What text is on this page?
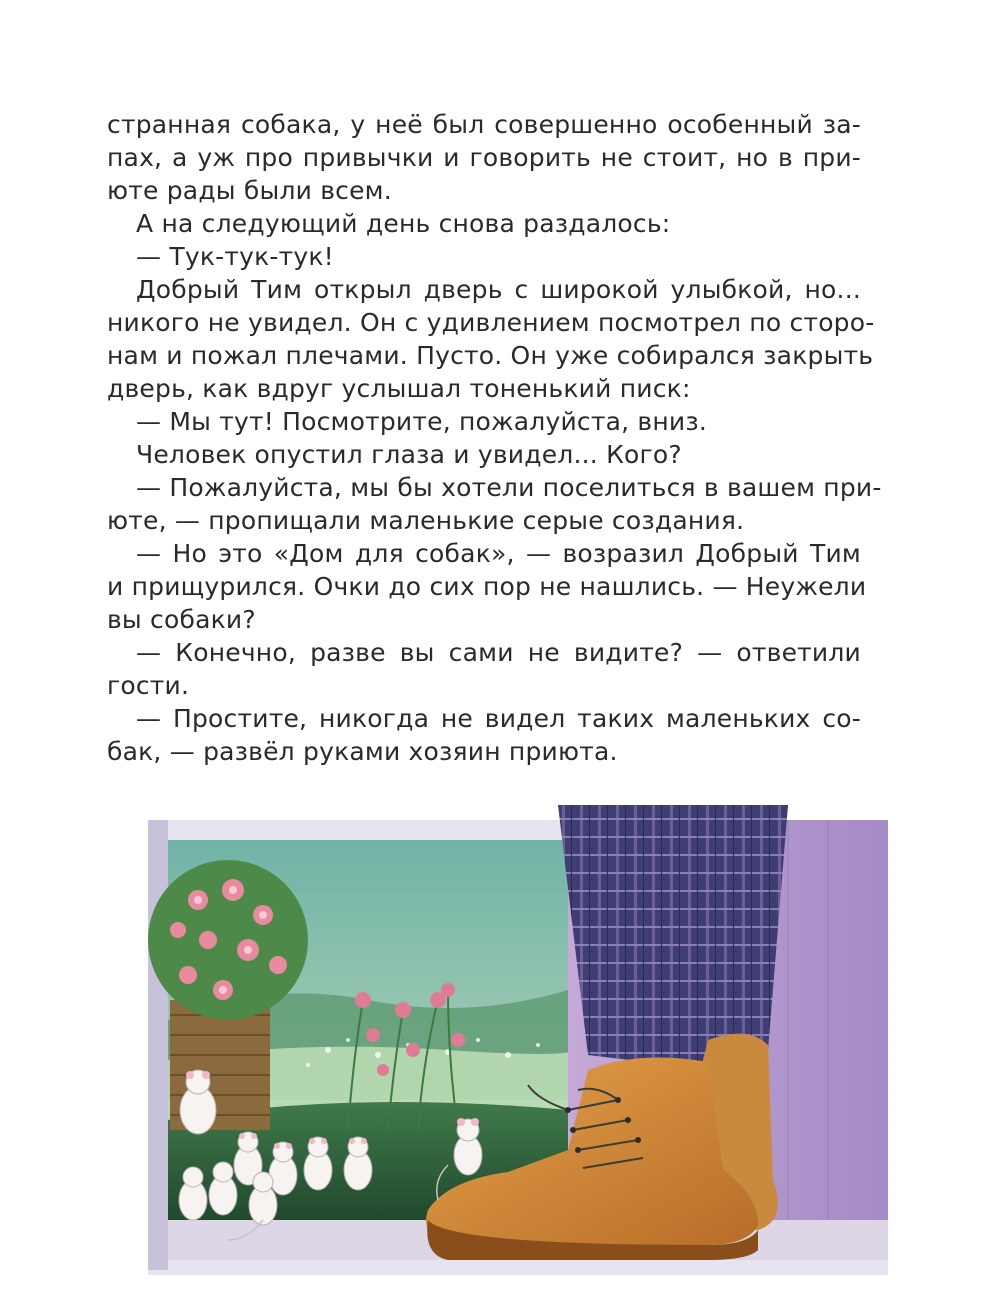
странная собака, у неё был совершенно особенный за-
пах, а уж про привычки и говорить не стоит, но в при-
юте рады были всем.
А на следующий день снова раздалось:
— Тук-тук-тук!
Добрый Тим открыл дверь с широкой улыбкой, но...
никого не увидел. Он с удивлением посмотрел по сторо-
нам и пожал плечами. Пусто. Он уже собирался закрыть
дверь, как вдруг услышал тоненький писк:
— Мы тут! Посмотрите, пожалуйста, вниз.
Человек опустил глаза и увидел... Кого?
— Пожалуйста, мы бы хотели поселиться в вашем при-
юте, — пропищали маленькие серые создания.
— Но это «Дом для собак», — возразил Добрый Тим
и прищурился. Очки до сих пор не нашлись. — Неужели
вы собаки?
— Конечно, разве вы сами не видите? — ответили
гости.
— Простите, никогда не видел таких маленьких со-
бак, — развёл руками хозяин приюта.
